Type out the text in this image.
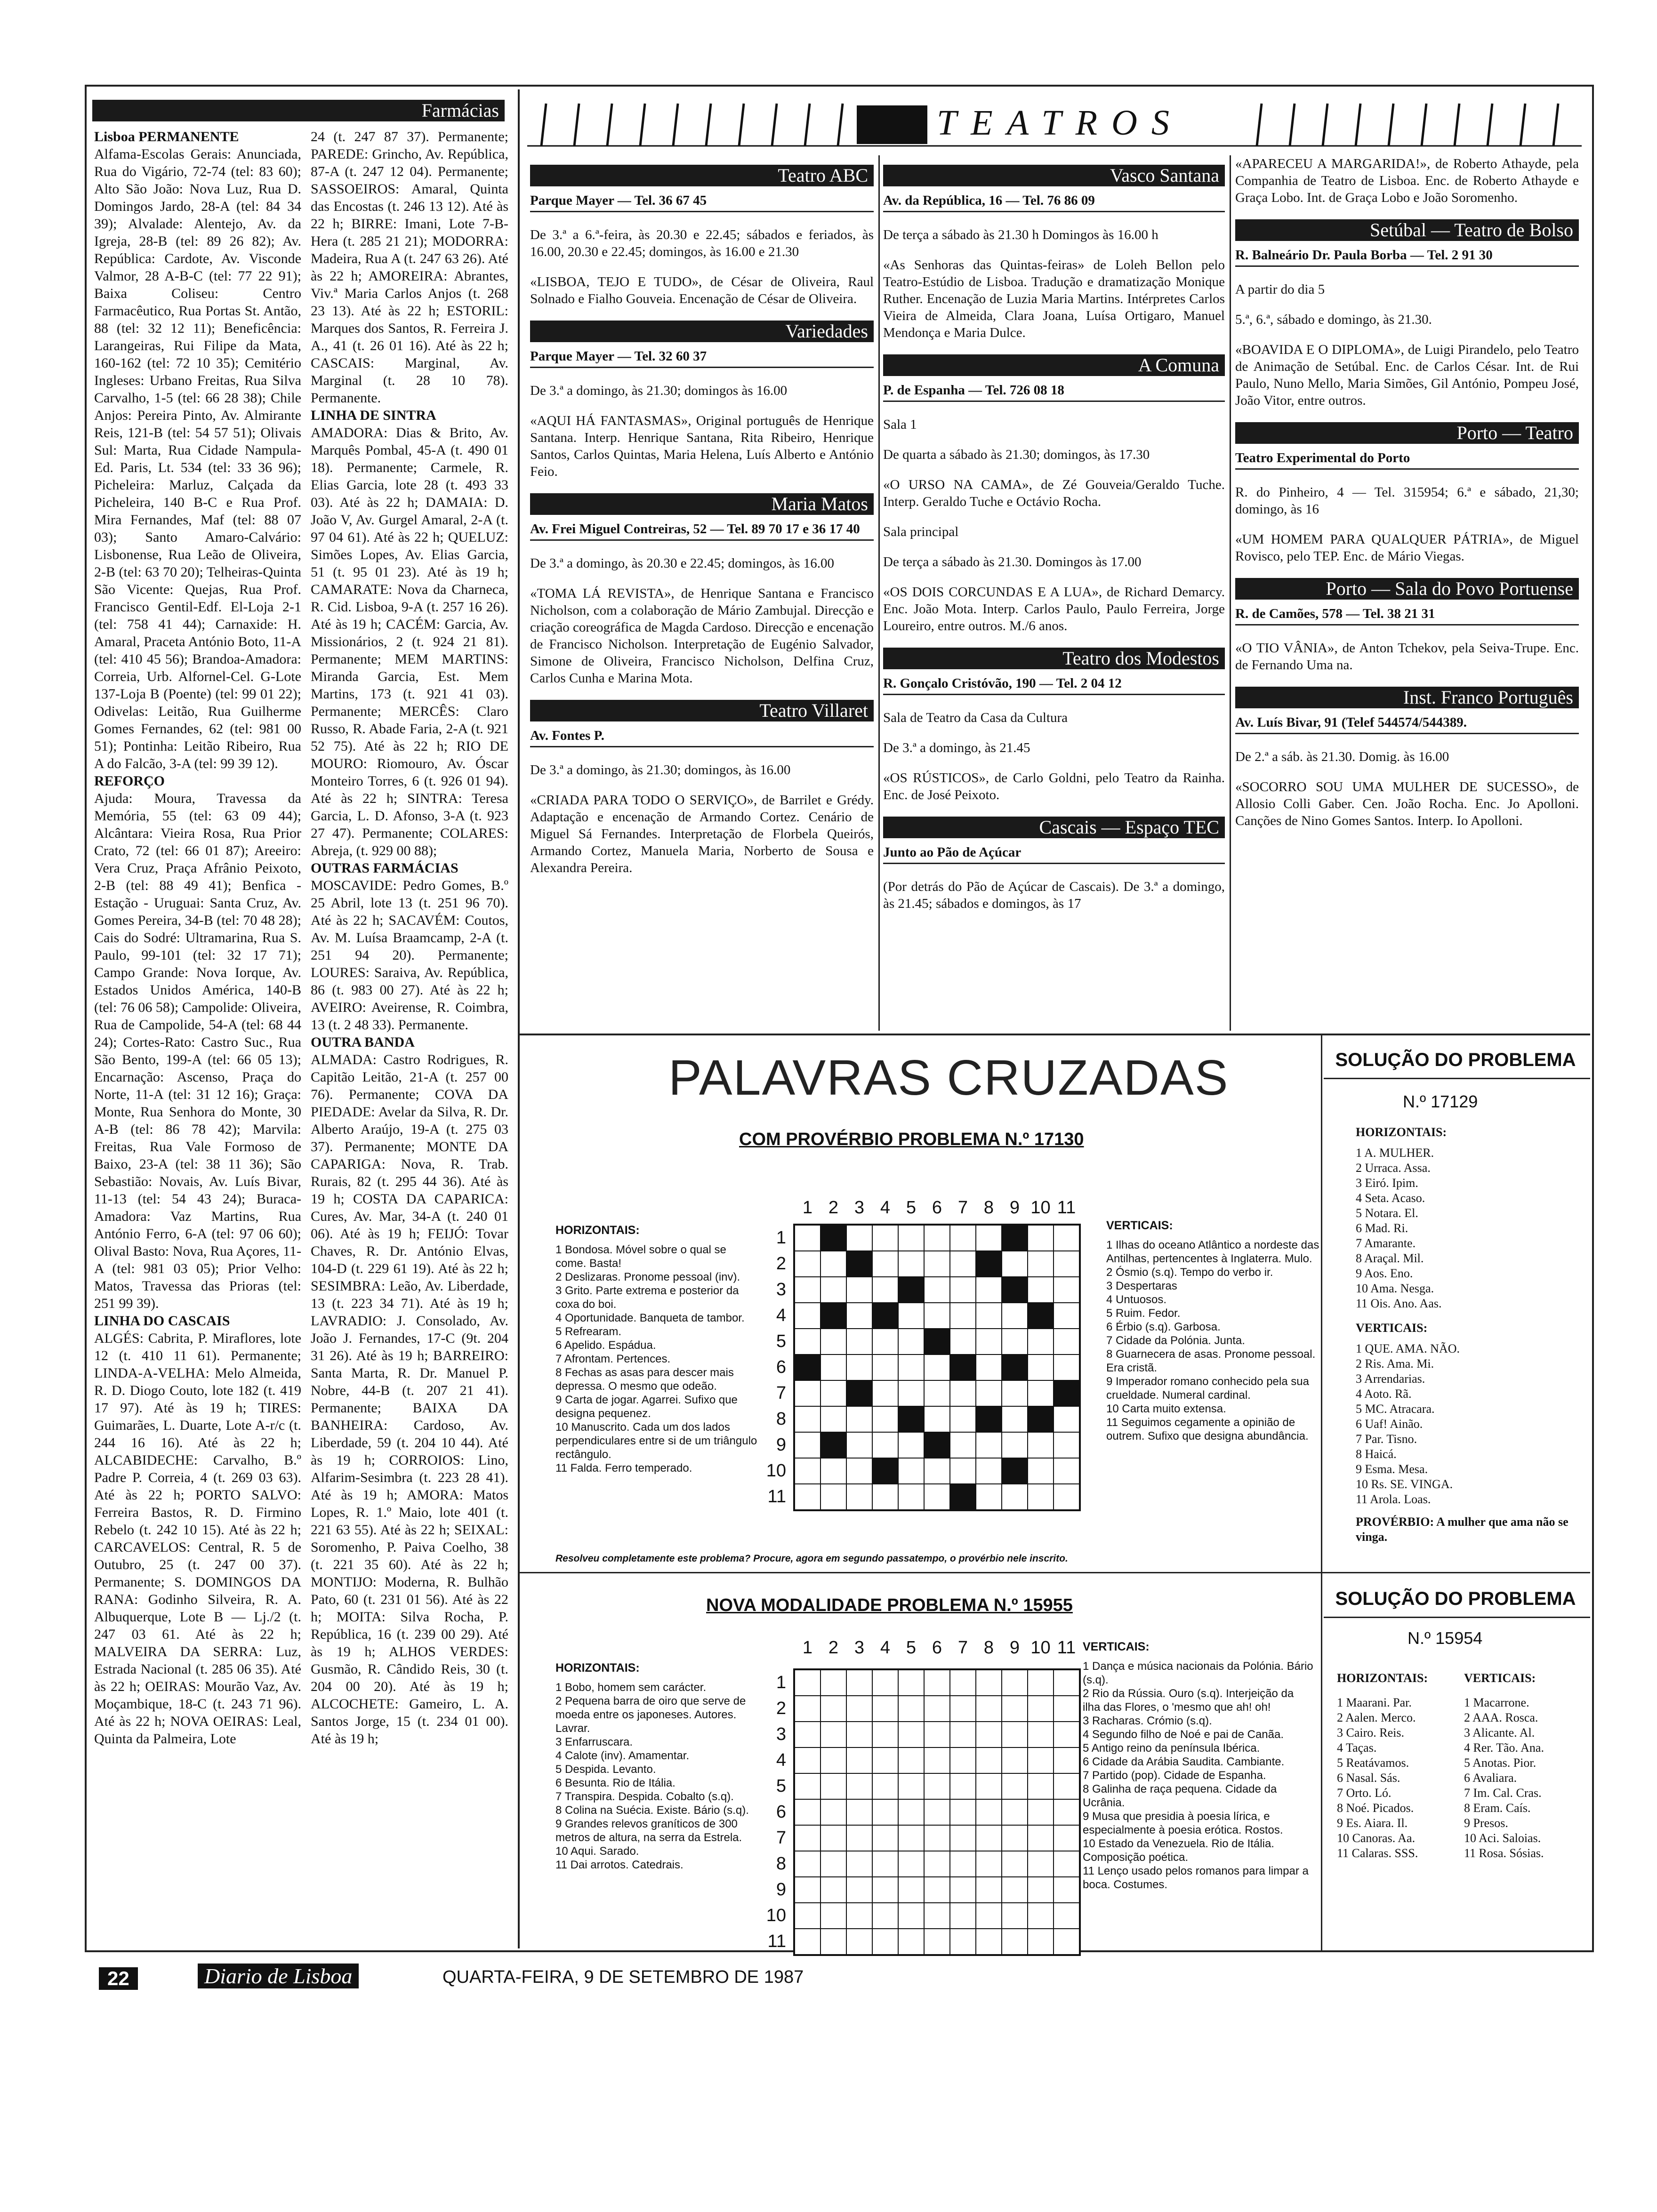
Farmácias

Lisboa PERMANENTE

Alfama-Escolas Gerais: Anunciada, Rua do Vigário, 72-74 (tel: 83 60); Alto São João: Nova Luz, Rua D. Domingos Jardo, 28-A (tel: 84 34 39); Alvalade: Alentejo, Av. da Igreja, 28-B (tel: 89 26 82); Av. República: Cardote, Av. Visconde Valmor, 28 A-B-C (tel: 77 22 91); Baixa Coliseu: Centro Farmacêutico, Rua Portas St. Antão, 88 (tel: 32 12 11); Beneficência: Larangeiras, Rui Filipe da Mata, 160-162 (tel: 72 10 35); Cemitério Ingleses: Urbano Freitas, Rua Silva Carvalho, 1-5 (tel: 66 28 38); Chile Anjos: Pereira Pinto, Av. Almirante Reis, 121-B (tel: 54 57 51); Olivais Sul: Marta, Rua Cidade Nampula-Ed. Paris, Lt. 534 (tel: 33 36 96); Picheleira: Marluz, Calçada da Picheleira, 140 B-C e Rua Prof. Mira Fernandes, Maf (tel: 88 07 03); Santo Amaro-Calvário: Lisbonense, Rua Leão de Oliveira, 2-B (tel: 63 70 20); Telheiras-Quinta São Vicente: Quejas, Rua Prof. Francisco Gentil-Edf. El-Loja 2-1 (tel: 758 41 44); Carnaxide: H. Amaral, Praceta António Boto, 11-A (tel: 410 45 56); Brandoa-Amadora: Correia, Urb. Alfornel-Cel. G-Lote 137-Loja B (Poente) (tel: 99 01 22); Odivelas: Leitão, Rua Guilherme Gomes Fernandes, 62 (tel: 981 00 51); Pontinha: Leitão Ribeiro, Rua A do Falcão, 3-A (tel: 99 39 12).

REFORÇO

Ajuda: Moura, Travessa da Memória, 55 (tel: 63 09 44); Alcântara: Vieira Rosa, Rua Prior Crato, 72 (tel: 66 01 87); Areeiro: Vera Cruz, Praça Afrânio Peixoto, 2-B (tel: 88 49 41); Benfica - Estação - Uruguai: Santa Cruz, Av. Gomes Pereira, 34-B (tel: 70 48 28); Cais do Sodré: Ultramarina, Rua S. Paulo, 99-101 (tel: 32 17 71); Campo Grande: Nova Iorque, Av. Estados Unidos América, 140-B (tel: 76 06 58); Campolide: Oliveira, Rua de Campolide, 54-A (tel: 68 44 24); Cortes-Rato: Castro Suc., Rua São Bento, 199-A (tel: 66 05 13); Encarnação: Ascenso, Praça do Norte, 11-A (tel: 31 12 16); Graça: Monte, Rua Senhora do Monte, 30 A-B (tel: 86 78 42); Marvila: Freitas, Rua Vale Formoso de Baixo, 23-A (tel: 38 11 36); São Sebastião: Novais, Av. Luís Bivar, 11-13 (tel: 54 43 24); Buraca-Amadora: Vaz Martins, Rua António Ferro, 6-A (tel: 97 06 60); Olival Basto: Nova, Rua Açores, 11-A (tel: 981 03 05); Prior Velho: Matos, Travessa das Prioras (tel: 251 99 39).

LINHA DO CASCAIS

ALGÉS: Cabrita, P. Miraflores, lote 12 (t. 410 11 61). Permanente; LINDA-A-VELHA: Melo Almeida, R. D. Diogo Couto, lote 182 (t. 419 17 97). Até às 19 h; TIRES: Guimarães, L. Duarte, Lote A-r/c (t. 244 16 16). Até às 22 h; ALCABIDECHE: Carvalho, B.º Padre P. Correia, 4 (t. 269 03 63). Até às 22 h; PORTO SALVO: Ferreira Bastos, R. D. Firmino Rebelo (t. 242 10 15). Até às 22 h; CARCAVELOS: Central, R. 5 de Outubro, 25 (t. 247 00 37). Permanente; S. DOMINGOS DA RANA: Godinho Silveira, R. A. Albuquerque, Lote B — Lj./2 (t. 247 03 61. Até às 22 h; MALVEIRA DA SERRA: Luz, Estrada Nacional (t. 285 06 35). Até às 22 h; OEIRAS: Mourão Vaz, Av. Moçambique, 18-C (t. 243 71 96). Até às 22 h; NOVA OEIRAS: Leal, Quinta da Palmeira, Lote

24 (t. 247 87 37). Permanente; PAREDE: Grincho, Av. República, 87-A (t. 247 12 04). Permanente; SASSOEIROS: Amaral, Quinta das Encostas (t. 246 13 12). Até às 22 h; BIRRE: Imani, Lote 7-B-Hera (t. 285 21 21); MODORRA: Madeira, Rua A (t. 247 63 26). Até às 22 h; AMOREIRA: Abrantes, Viv.ª Maria Carlos Anjos (t. 268 23 13). Até às 22 h; ESTORIL: Marques dos Santos, R. Ferreira J. A., 41 (t. 26 01 16). Até às 22 h; CASCAIS: Marginal, Av. Marginal (t. 28 10 78). Permanente.

LINHA DE SINTRA

AMADORA: Dias & Brito, Av. Marquês Pombal, 45-A (t. 490 01 18). Permanente; Carmele, R. Elias Garcia, lote 28 (t. 493 33 03). Até às 22 h; DAMAIA: D. João V, Av. Gurgel Amaral, 2-A (t. 97 04 61). Até às 22 h; QUELUZ: Simões Lopes, Av. Elias Garcia, 51 (t. 95 01 23). Até às 19 h; CAMARATE: Nova da Charneca, R. Cid. Lisboa, 9-A (t. 257 16 26). Até às 19 h; CACÉM: Garcia, Av. Missionários, 2 (t. 924 21 81). Permanente; MEM MARTINS: Miranda Garcia, Est. Mem Martins, 173 (t. 921 41 03). Permanente; MERCÊS: Claro Russo, R. Abade Faria, 2-A (t. 921 52 75). Até às 22 h; RIO DE MOURO: Riomouro, Av. Óscar Monteiro Torres, 6 (t. 926 01 94). Até às 22 h; SINTRA: Teresa Garcia, L. D. Afonso, 3-A (t. 923 27 47). Permanente; COLARES: Abreja, (t. 929 00 88);

OUTRAS FARMÁCIAS

MOSCAVIDE: Pedro Gomes, B.º 25 Abril, lote 13 (t. 251 96 70). Até às 22 h; SACAVÉM: Coutos, Av. M. Luísa Braamcamp, 2-A (t. 251 94 20). Permanente; LOURES: Saraiva, Av. República, 86 (t. 983 00 27). Até às 22 h; AVEIRO: Aveirense, R. Coimbra, 13 (t. 2 48 33). Permanente.

OUTRA BANDA

ALMADA: Castro Rodrigues, R. Capitão Leitão, 21-A (t. 257 00 76). Permanente; COVA DA PIEDADE: Avelar da Silva, R. Dr. Alberto Araújo, 19-A (t. 275 03 37). Permanente; MONTE DA CAPARIGA: Nova, R. Trab. Rurais, 82 (t. 295 44 36). Até às 19 h; COSTA DA CAPARICA: Cures, Av. Mar, 34-A (t. 240 01 06). Até às 19 h; FEIJÓ: Tovar Chaves, R. Dr. António Elvas, 104-D (t. 229 61 19). Até às 22 h; SESIMBRA: Leão, Av. Liberdade, 13 (t. 223 34 71). Até às 19 h; LAVRADIO: J. Consolado, Av. João J. Fernandes, 17-C (9t. 204 31 26). Até às 19 h; BARREIRO: Santa Marta, R. Dr. Manuel P. Nobre, 44-B (t. 207 21 41). Permanente; BAIXA DA BANHEIRA: Cardoso, Av. Liberdade, 59 (t. 204 10 44). Até às 19 h; CORROIOS: Lino, Alfarim-Sesimbra (t. 223 28 41). Até às 19 h; AMORA: Matos Lopes, R. 1.º Maio, lote 401 (t. 221 63 55). Até às 22 h; SEIXAL: Soromenho, P. Paiva Coelho, 38 (t. 221 35 60). Até às 22 h; MONTIJO: Moderna, R. Bulhão Pato, 60 (t. 231 01 56). Até às 22 h; MOITA: Silva Rocha, P. República, 16 (t. 239 00 29). Até às 19 h; ALHOS VERDES: Gusmão, R. Cândido Reis, 30 (t. 204 00 20). Até às 19 h; ALCOCHETE: Gameiro, L. A. Santos Jorge, 15 (t. 234 01 00). Até às 19 h;

TEATROS
Teatro ABC

Parque Mayer — Tel. 36 67 45

De 3.ª a 6.ª-feira, às 20.30 e 22.45; sábados e feriados, às 16.00, 20.30 e 22.45; domingos, às 16.00 e 21.30

«LISBOA, TEJO E TUDO», de César de Oliveira, Raul Solnado e Fialho Gouveia. Encenação de César de Oliveira.

Variedades

Parque Mayer — Tel. 32 60 37

De 3.ª a domingo, às 21.30; domingos às 16.00

«AQUI HÁ FANTASMAS», Original português de Henrique Santana. Interp. Henrique Santana, Rita Ribeiro, Henrique Santos, Carlos Quintas, Maria Helena, Luís Alberto e António Feio.

Maria Matos

Av. Frei Miguel Contreiras, 52 — Tel. 89 70 17 e 36 17 40

De 3.ª a domingo, às 20.30 e 22.45; domingos, às 16.00

«TOMA LÁ REVISTA», de Henrique Santana e Francisco Nicholson, com a colaboração de Mário Zambujal. Direcção e criação coreográfica de Magda Cardoso. Direcção e encenação de Francisco Nicholson. Interpretação de Eugénio Salvador, Simone de Oliveira, Francisco Nicholson, Delfina Cruz, Carlos Cunha e Marina Mota.

Teatro Villaret

Av. Fontes P.

De 3.ª a domingo, às 21.30; domingos, às 16.00

«CRIADA PARA TODO O SERVIÇO», de Barrilet e Grédy. Adaptação e encenação de Armando Cortez. Cenário de Miguel Sá Fernandes. Interpretação de Florbela Queirós, Armando Cortez, Manuela Maria, Norberto de Sousa e Alexandra Pereira.

Vasco Santana

Av. da República, 16 — Tel. 76 86 09

De terça a sábado às 21.30 h Domingos às 16.00 h

«As Senhoras das Quintas-feiras» de Loleh Bellon pelo Teatro-Estúdio de Lisboa. Tradução e dramatização Monique Ruther. Encenação de Luzia Maria Martins. Intérpretes Carlos Vieira de Almeida, Clara Joana, Luísa Ortigaro, Manuel Mendonça e Maria Dulce.

A Comuna

P. de Espanha — Tel. 726 08 18

Sala 1

De quarta a sábado às 21.30; domingos, às 17.30

«O URSO NA CAMA», de Zé Gouveia/Geraldo Tuche. Interp. Geraldo Tuche e Octávio Rocha.

Sala principal

De terça a sábado às 21.30. Domingos às 17.00

«OS DOIS CORCUNDAS E A LUA», de Richard Demarcy. Enc. João Mota. Interp. Carlos Paulo, Paulo Ferreira, Jorge Loureiro, entre outros. M./6 anos.

Teatro dos Modestos

R. Gonçalo Cristóvão, 190 — Tel. 2 04 12

Sala de Teatro da Casa da Cultura

De 3.ª a domingo, às 21.45

«OS RÚSTICOS», de Carlo Goldni, pelo Teatro da Rainha. Enc. de José Peixoto.

Cascais — Espaço TEC

Junto ao Pão de Açúcar

(Por detrás do Pão de Açúcar de Cascais). De 3.ª a domingo, às 21.45; sábados e domingos, às 17

«APARECEU A MARGARIDA!», de Roberto Athayde, pela Companhia de Teatro de Lisboa. Enc. de Roberto Athayde e Graça Lobo. Int. de Graça Lobo e João Soromenho.

Setúbal — Teatro de Bolso

R. Balneário Dr. Paula Borba — Tel. 2 91 30

A partir do dia 5

5.ª, 6.ª, sábado e domingo, às 21.30.

«BOAVIDA E O DIPLOMA», de Luigi Pirandelo, pelo Teatro de Animação de Setúbal. Enc. de Carlos César. Int. de Rui Paulo, Nuno Mello, Maria Simões, Gil António, Pompeu José, João Vitor, entre outros.

Porto — Teatro

Teatro Experimental do Porto

R. do Pinheiro, 4 — Tel. 315954; 6.ª e sábado, 21,30; domingo, às 16

«UM HOMEM PARA QUALQUER PÁTRIA», de Miguel Rovisco, pelo TEP. Enc. de Mário Viegas.

Porto — Sala do Povo Portuense

R. de Camões, 578 — Tel. 38 21 31

«O TIO VÂNIA», de Anton Tchekov, pela Seiva-Trupe. Enc. de Fernando Uma na.

Inst. Franco Português

Av. Luís Bivar, 91 (Telef 544574/544389.

De 2.ª a sáb. às 21.30. Domig. às 16.00

«SOCORRO SOU UMA MULHER DE SUCESSO», de Allosio Colli Gaber. Cen. João Rocha. Enc. Jo Apolloni. Canções de Nino Gomes Santos. Interp. Io Apolloni.

PALAVRAS CRUZADAS
COM PROVÉRBIO PROBLEMA N.º 17130
1 2 3 4 5 6 7 8 9 10 11
1
2
3
4
5
6
7
8
9
10
11

HORIZONTAIS:

1 Bondosa. Móvel sobre o qual se come. Basta!

2 Deslizaras. Pronome pessoal (inv).

3 Grito. Parte extrema e posterior da coxa do boi.

4 Oportunidade. Banqueta de tambor.

5 Refrearam.

6 Apelido. Espádua.

7 Afrontam. Pertences.

8 Fechas as asas para descer mais depressa. O mesmo que odeão.

9 Carta de jogar. Agarrei. Sufixo que designa pequenez.

10 Manuscrito. Cada um dos lados perpendiculares entre si de um triângulo rectângulo.

11 Falda. Ferro temperado.

VERTICAIS:

1 Ilhas do oceano Atlântico a nordeste das Antilhas, pertencentes à Inglaterra. Mulo.

2 Ósmio (s.q). Tempo do verbo ir.

3 Despertaras

4 Untuosos.

5 Ruim. Fedor.

6 Érbio (s.q). Garbosa.

7 Cidade da Polónia. Junta.

8 Guarnecera de asas. Pronome pessoal. Era cristã.

9 Imperador romano conhecido pela sua crueldade. Numeral cardinal.

10 Carta muito extensa.

11 Seguimos cegamente a opinião de outrem. Sufixo que designa abundância.

Resolveu completamente este problema? Procure, agora em segundo passatempo, o provérbio nele inscrito.
SOLUÇÃO DO PROBLEMA
N.º 17129

HORIZONTAIS:

1 A. MULHER.

2 Urraca. Assa.

3 Eiró. Ipim.

4 Seta. Acaso.

5 Notara. El.

6 Mad. Ri.

7 Amarante.

8 Araçal. Mil.

9 Aos. Eno.

10 Ama. Nesga.

11 Ois. Ano. Aas.

VERTICAIS:

1 QUE. AMA. NÃO.

2 Ris. Ama. Mi.

3 Arrendarias.

4 Aoto. Rã.

5 MC. Atracara.

6 Uaf! Ainão.

7 Par. Tisno.

8 Haicá.

9 Esma. Mesa.

10 Rs. SE. VINGA.

11 Arola. Loas.

PROVÉRBIO: A mulher que ama não se vinga.

NOVA MODALIDADE PROBLEMA N.º 15955
1 2 3 4 5 6 7 8 9 10 11
1
2
3
4
5
6
7
8
9
10
11

HORIZONTAIS:

1 Bobo, homem sem carácter.

2 Pequena barra de oiro que serve de moeda entre os japoneses. Autores. Lavrar.

3 Enfarruscara.

4 Calote (inv). Amamentar.

5 Despida. Levanto.

6 Besunta. Rio de Itália.

7 Transpira. Despida. Cobalto (s.q).

8 Colina na Suécia. Existe. Bário (s.q).

9 Grandes relevos graníticos de 300 metros de altura, na serra da Estrela.

10 Aqui. Sarado.

11 Dai arrotos. Catedrais.

VERTICAIS:

1 Dança e música nacionais da Polónia. Bário (s.q).

2 Rio da Rússia. Ouro (s.q). Interjeição da ilha das Flores, o 'mesmo que ah! oh!

3 Racharas. Crómio (s.q).

4 Segundo filho de Noé e pai de Canãa.

5 Antigo reino da península Ibérica.

6 Cidade da Arábia Saudita. Cambiante.

7 Partido (pop). Cidade de Espanha.

8 Galinha de raça pequena. Cidade da Ucrânia.

9 Musa que presidia à poesia lírica, e especialmente à poesia erótica. Rostos.

10 Estado da Venezuela. Rio de Itália. Composição poética.

11 Lenço usado pelos romanos para limpar a boca. Costumes.

SOLUÇÃO DO PROBLEMA
N.º 15954

HORIZONTAIS:

1 Maarani. Par.

2 Aalen. Merco.

3 Cairo. Reis.

4 Taças.

5 Reatávamos.

6 Nasal. Sás.

7 Orto. Ló.

8 Noé. Picados.

9 Es. Aiara. Il.

10 Canoras. Aa.

11 Calaras. SSS.

VERTICAIS:

1 Macarrone.

2 AAA. Rosca.

3 Alicante. Al.

4 Rer. Tão. Ana.

5 Anotas. Pior.

6 Avaliara.

7 Im. Cal. Cras.

8 Eram. Caís.

9 Presos.

10 Aci. Saloias.

11 Rosa. Sósias.

22	Diario de Lisboa	QUARTA-FEIRA, 9 DE SETEMBRO DE 1987
